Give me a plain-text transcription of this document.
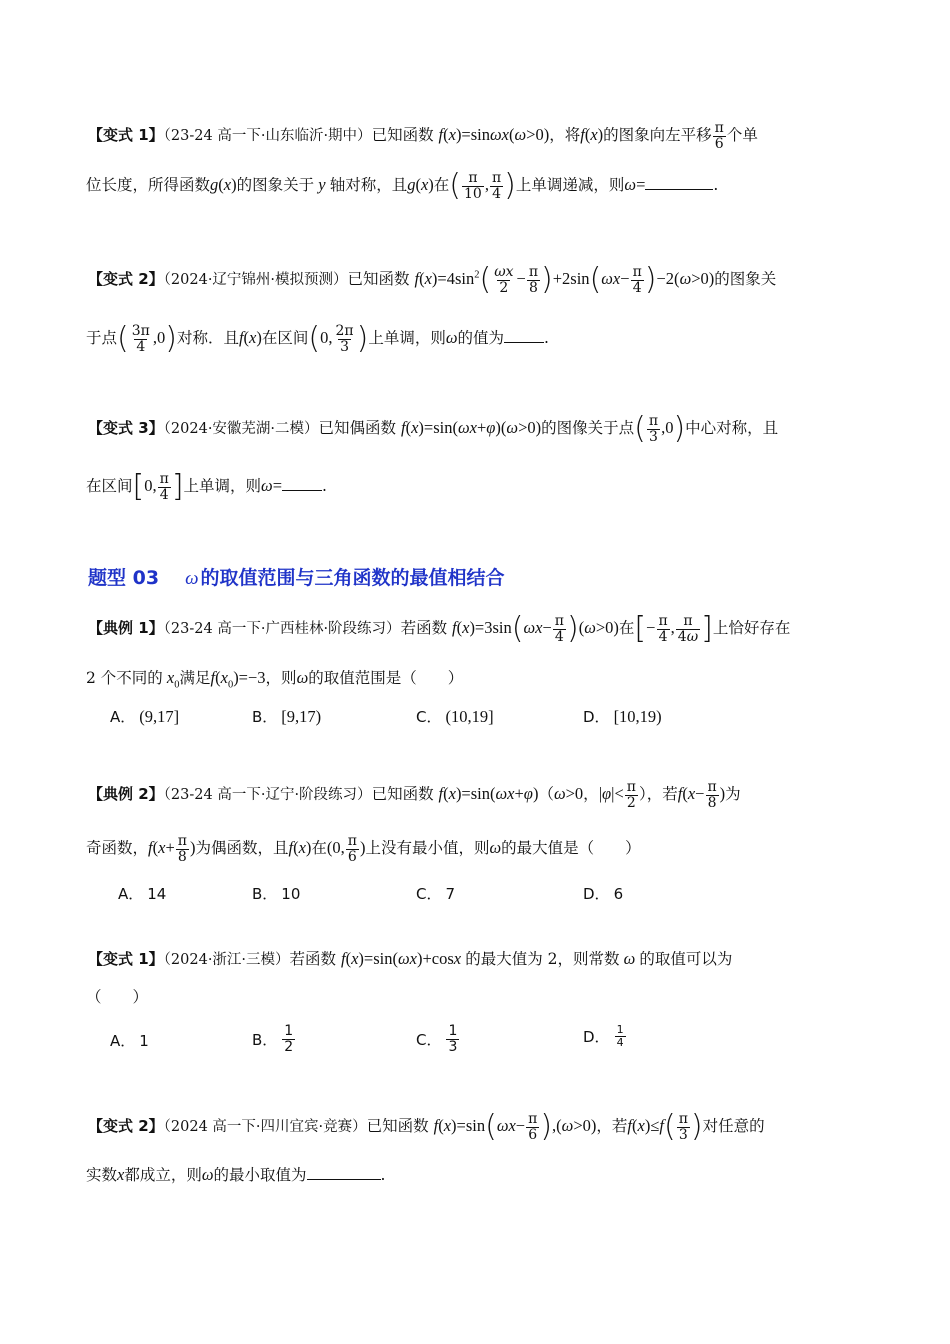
【变式 1】（23-24 高一下·山东临沂·期中）已知函数 f(x)=sinωx(ω>0)，将f(x)的图象向左平移 $\frac{\pi}{6}$ 个单
位长度，所得函数g(x)的图象关于 y 轴对称，且g(x)在( $\frac{\pi}{10}$ , $\frac{\pi}{4}$ )上单调递减，则ω=	.
【变式 2】（2024·辽宁锦州·模拟预测）已知函数 $f(x)=4\sin^2( \frac{\omega x}{2} - \frac{\pi}{8} )+2\sin(\omega x- \frac{\pi}{4} )-2(\omega>0)$的图象关
于点( $\frac{3\pi}{4} ,0$)对称．且f(x)在区间(0, $\frac{2\pi}{3}$ )上单调，则ω的值为	.
【变式 3】（2024·安徽芜湖·二模）已知偶函数 f(x)=sin(ωx+φ)(ω>0)的图像关于点( $\frac{\pi}{3} ,0$)中心对称，且
在区间[0, $\frac{\pi}{4}$ ]上单调，则ω=	.
题型 03 ω 的取值范围与三角函数的最值相结合
【典例 1】（23-24 高一下·广西桂林·阶段练习）若函数 $f(x)=3\sin(\omega x- \frac{\pi}{4} )(\omega>0)$在[− $\frac{\pi}{4}$ , $\frac{\pi}{4\omega}$ ]上恰好存在
2 个不同的 $x_0$满足$f(x_0)=-3$，则ω的取值范围是（　　）
A． (9,17]	B． [9,17)	C． (10,19]	D． [10,19)
【典例 2】（23-24 高一下·辽宁·阶段练习）已知函数 f(x)=sin(ωx+φ)（ω>0，$|\varphi|< \frac{\pi}{2}$ ），若$f(x- \frac{\pi}{8}$ )为
奇函数，$f(x+ \frac{\pi}{8}$ )为偶函数，且f(x)在(0, $\frac{\pi}{6}$ )上没有最小值，则ω的最大值是（　　）
A． 14	B． 10	C． 7	D． 6
【变式 1】（2024·浙江·三模）若函数 f(x)=sin(ωx)+cosx 的最大值为 2，则常数 ω 的取值可以为
（　　）
A． 1	B． $\frac{1}{2}$	C． $\frac{1}{3}$	D． $\frac{1}{4}$
【变式 2】（2024 高一下·四川宜宾·竞赛）已知函数 $f(x)=\sin(\omega x- \frac{\pi}{6} ),(\omega>0)$，若$f(x)\le f( \frac{\pi}{3}$ )对任意的
实数x都成立，则ω的最小取值为	.
